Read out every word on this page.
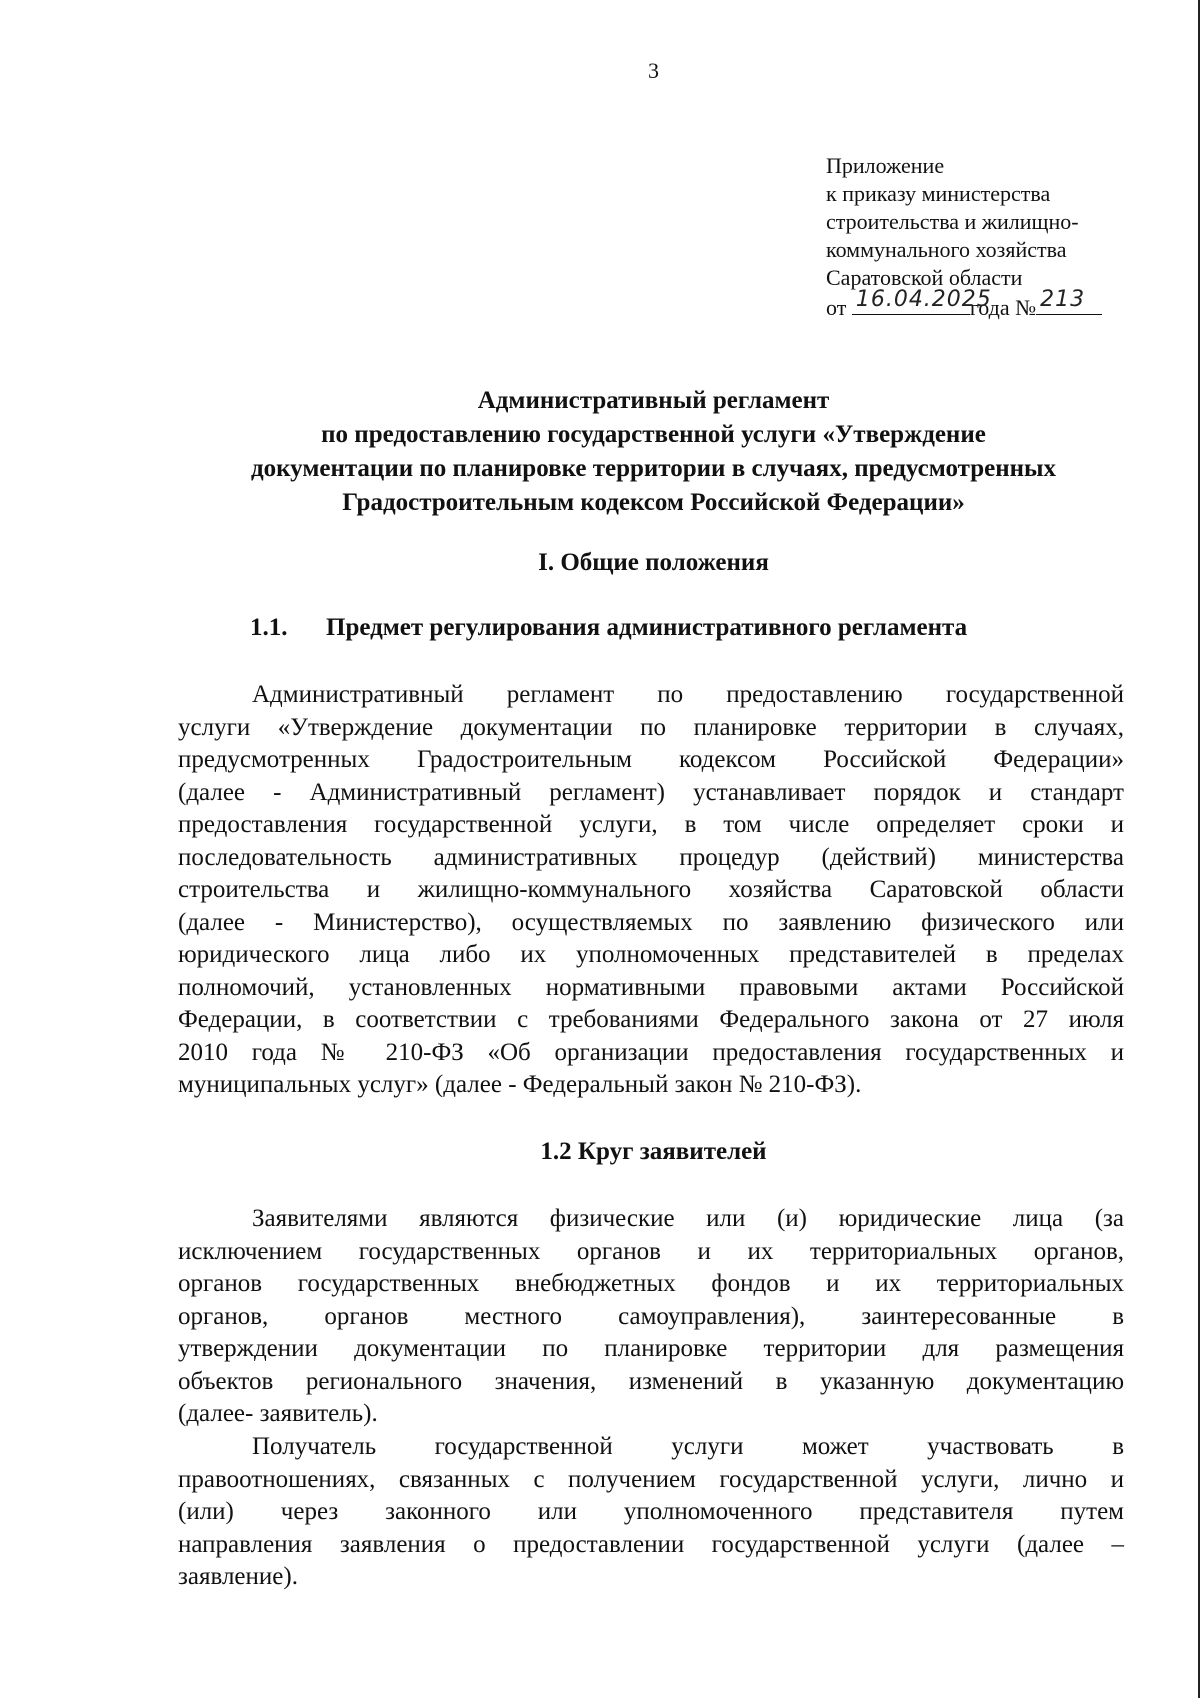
3
Приложение
к приказу министерства
строительства и жилищно-
коммунального хозяйства
Саратовской области
от 16.04.2025
года № 213
Административный регламент
по предоставлению государственной услуги «Утверждение
документации по планировке территории в случаях, предусмотренных
Градостроительным кодексом Российской Федерации»
I. Общие положения
1.1. Предмет регулирования административного регламента
Административный регламент по предоставлению государственной
услуги «Утверждение документации по планировке территории в случаях,
предусмотренных Градостроительным кодексом Российской Федерации»
(далее - Административный регламент) устанавливает порядок и стандарт
предоставления государственной услуги, в том числе определяет сроки и
последовательность административных процедур (действий) министерства
строительства и жилищно-коммунального хозяйства Саратовской области
(далее - Министерство), осуществляемых по заявлению физического или
юридического лица либо их уполномоченных представителей в пределах
полномочий, установленных нормативными правовыми актами Российской
Федерации, в соответствии с требованиями Федерального закона от 27 июля
2010 года № 210-ФЗ «Об организации предоставления государственных и
муниципальных услуг» (далее - Федеральный закон № 210-ФЗ).
1.2 Круг заявителей
Заявителями являются физические или (и) юридические лица (за
исключением государственных органов и их территориальных органов,
органов государственных внебюджетных фондов и их территориальных
органов, органов местного самоуправления), заинтересованные в
утверждении документации по планировке территории для размещения
объектов регионального значения, изменений в указанную документацию
(далее- заявитель).
Получатель государственной услуги может участвовать в
правоотношениях, связанных с получением государственной услуги, лично и
(или) через законного или уполномоченного представителя путем
направления заявления о предоставлении государственной услуги (далее –
заявление).
